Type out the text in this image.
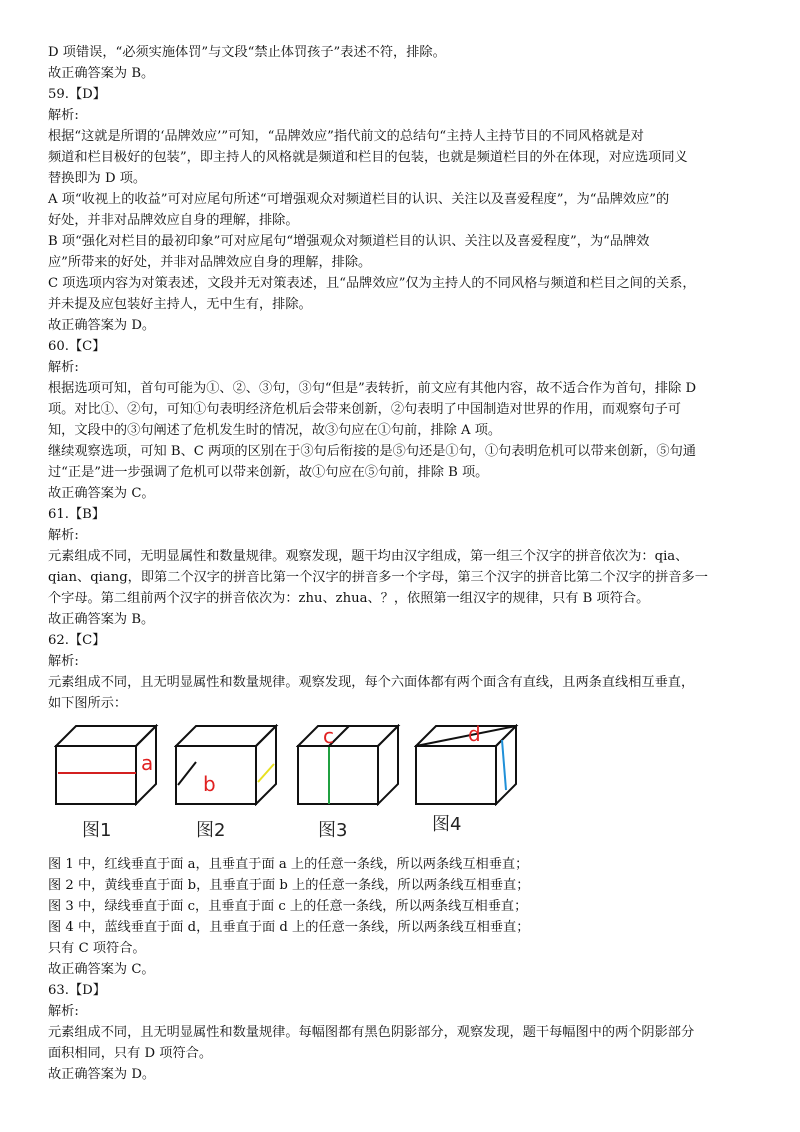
D 项错误，“必须实施体罚”与文段“禁止体罚孩子”表述不符，排除。

故正确答案为 B。

59.【D】

解析:

根据“这就是所谓的‘品牌效应’”可知，“品牌效应”指代前文的总结句“主持人主持节目的不同风格就是对

频道和栏目极好的包装”，即主持人的风格就是频道和栏目的包装，也就是频道栏目的外在体现，对应选项同义

替换即为 D 项。

A 项“收视上的收益”可对应尾句所述“可增强观众对频道栏目的认识、关注以及喜爱程度”，为“品牌效应”的

好处，并非对品牌效应自身的理解，排除。

B 项“强化对栏目的最初印象”可对应尾句“增强观众对频道栏目的认识、关注以及喜爱程度”，为“品牌效

应”所带来的好处，并非对品牌效应自身的理解，排除。

C 项选项内容为对策表述，文段并无对策表述，且“品牌效应”仅为主持人的不同风格与频道和栏目之间的关系，

并未提及应包装好主持人，无中生有，排除。

故正确答案为 D。

60.【C】

解析:

根据选项可知，首句可能为①、②、③句，③句“但是”表转折，前文应有其他内容，故不适合作为首句，排除 D

项。对比①、②句，可知①句表明经济危机后会带来创新，②句表明了中国制造对世界的作用，而观察句子可

知，文段中的③句阐述了危机发生时的情况，故③句应在①句前，排除 A 项。

继续观察选项，可知 B、C 两项的区别在于③句后衔接的是⑤句还是①句，①句表明危机可以带来创新，⑤句通

过“正是”进一步强调了危机可以带来创新，故①句应在⑤句前，排除 B 项。

故正确答案为 C。

61.【B】

解析:

元素组成不同，无明显属性和数量规律。观察发现，题干均由汉字组成，第一组三个汉字的拼音依次为：qia、

qian、qiang，即第二个汉字的拼音比第一个汉字的拼音多一个字母，第三个汉字的拼音比第二个汉字的拼音多一

个字母。第二组前两个汉字的拼音依次为：zhu、zhua、？，依照第一组汉字的规律，只有 B 项符合。

故正确答案为 B。

62.【C】

解析:

元素组成不同，且无明显属性和数量规律。观察发现，每个六面体都有两个面含有直线，且两条直线相互垂直，

如下图所示：

a
图1
b
图2
c
图3
d
图4

图 1 中，红线垂直于面 a，且垂直于面 a 上的任意一条线，所以两条线互相垂直；

图 2 中，黄线垂直于面 b，且垂直于面 b 上的任意一条线，所以两条线互相垂直；

图 3 中，绿线垂直于面 c，且垂直于面 c 上的任意一条线，所以两条线互相垂直；

图 4 中，蓝线垂直于面 d，且垂直于面 d 上的任意一条线，所以两条线互相垂直；

只有 C 项符合。

故正确答案为 C。

63.【D】

解析:

元素组成不同，且无明显属性和数量规律。每幅图都有黑色阴影部分，观察发现，题干每幅图中的两个阴影部分

面积相同，只有 D 项符合。

故正确答案为 D。
